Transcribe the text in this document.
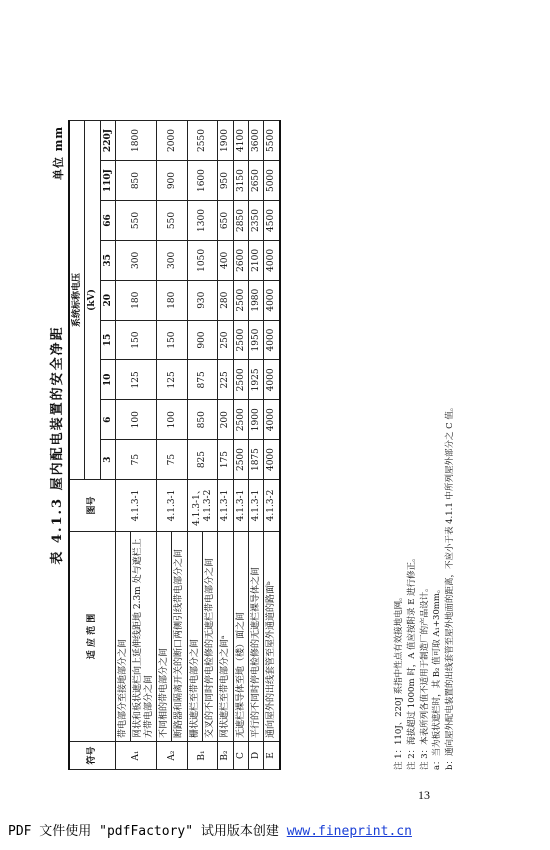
表 4.1.3 屋内配电装置的安全净距
单位 mm
符号	适 应 范 围	图号	系统标称电压								
			(kV)								
			3	6	10	15	20	35	66	110J	220J
A₁	带电部分至接地部分之间	4.1.3-1	75	100	125	150	180	300	550	850	1800
	网状和板状遮栏向上延伸线距地 2.3m 处与遮栏上方带电部分之间										
A₂	不同相的带电部分之间	4.1.3-1	75	100	125	150	180	300	550	900	2000
	断路器和隔离开关的断口两侧引线带电部分之间										
B₁	栅状遮栏至带电部分之间	4.1.3-1、4.1.3-2	825	850	875	900	930	1050	1300	1600	2550
	交叉的不同时停电检修的无遮栏带电部分之间										
B₂	网状遮栏至带电部分之间ᵃ	4.1.3-1	175	200	225	250	280	400	650	950	1900
C	无遮栏裸导体至地（楼）面之间	4.1.3-1	2500	2500	2500	2500	2500	2600	2850	3150	4100
D	平行的不同时停电检修的无遮栏裸导体之间	4.1.3-1	1875	1900	1925	1950	1980	2100	2350	2650	3600
E	通向屋外的出线套管至屋外通道的路面ᵇ	4.1.3-2	4000	4000	4000	4000	4000	4000	4500	5000	5500
注 1：110J、220J 系指中性点有效接地电网。 注 2：海拔超过 1000m 时，A 值应按附录 E 进行修正。 注 3：本表所列各值不适用于制造厂的产品设计。 a：当为板状遮栏时，其 B₂ 值可取 A₁+30mm。 b：通向屋外配电装置的出线套管至屋外地面的距离，不应小于表 4.1.1 中所列屋外部分之 C 值。
13
PDF 文件使用 "pdfFactory" 试用版本创建 www.fineprint.cn
